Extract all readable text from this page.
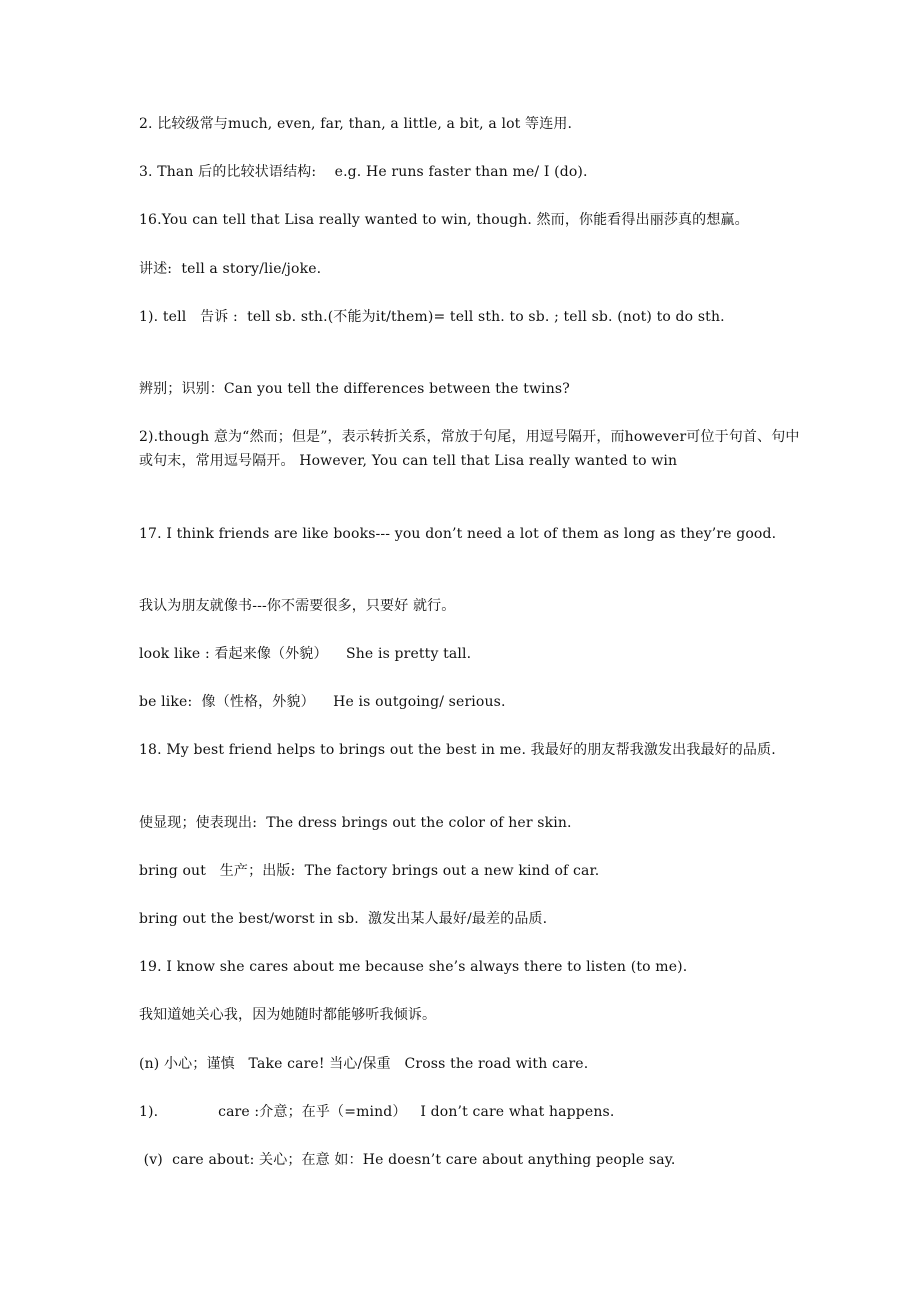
2. 比较级常与much, even, far, than, a little, a bit, a lot 等连用.

3. Than 后的比较状语结构:    e.g. He runs faster than me/ I (do).

16.You can tell that Lisa really wanted to win, though. 然而，你能看得出丽莎真的想赢。

讲述:  tell a story/lie/joke.

1). tell   告诉 :  tell sb. sth.(不能为it/them)= tell sth. to sb. ; tell sb. (not) to do sth.

辨别；识别：Can you tell the differences between the twins?

2).though 意为“然而；但是”，表示转折关系，常放于句尾，用逗号隔开，而however可位于句首、句中或句末，常用逗号隔开。 However, You can tell that Lisa really wanted to win

17. I think friends are like books--- you don’t need a lot of them as long as they’re good.

我认为朋友就像书---你不需要很多，只要好 就行。

look like : 看起来像（外貌）    She is pretty tall.

be like:  像（性格，外貌）    He is outgoing/ serious.

18. My best friend helps to brings out the best in me. 我最好的朋友帮我激发出我最好的品质.

使显现；使表现出:  The dress brings out the color of her skin.

bring out   生产；出版:  The factory brings out a new kind of car.

bring out the best/worst in sb.  激发出某人最好/最差的品质.

19. I know she cares about me because she’s always there to listen (to me).

我知道她关心我，因为她随时都能够听我倾诉。

(n) 小心；谨慎   Take care! 当心/保重   Cross the road with care.

1).             care :介意；在乎（=mind）   I don’t care what happens.

(v)  care about: 关心；在意 如：He doesn’t care about anything people say.
